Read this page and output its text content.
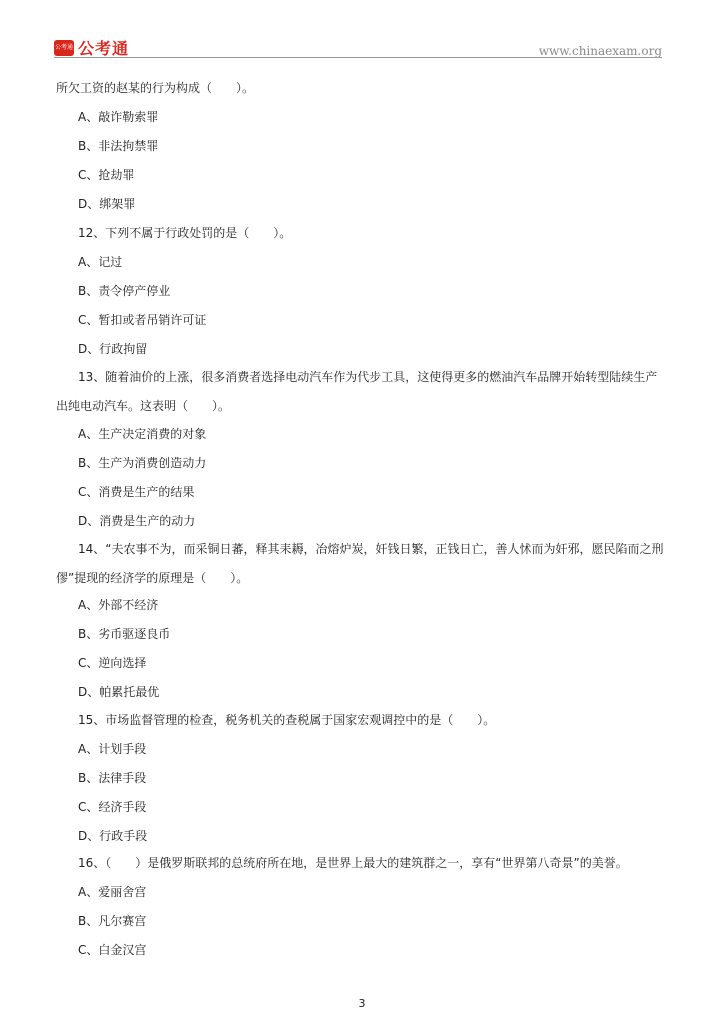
公考通 公考通	www.chinaexam.org
所欠工资的赵某的行为构成（　　）。
A、敲诈勒索罪
B、非法拘禁罪
C、抢劫罪
D、绑架罪
12、下列不属于行政处罚的是（　　）。
A、记过
B、责令停产停业
C、暂扣或者吊销许可证
D、行政拘留
13、随着油价的上涨，很多消费者选择电动汽车作为代步工具，这使得更多的燃油汽车品牌开始转型陆续生产出纯电动汽车。这表明（　　）。
A、生产决定消费的对象
B、生产为消费创造动力
C、消费是生产的结果
D、消费是生产的动力
14、“夫农事不为，而采铜日蕃，释其耒耨，冶熔炉炭，奸钱日繁，正钱日亡，善人怵而为奸邪，愿民陷而之刑僇”提现的经济学的原理是（　　）。
A、外部不经济
B、劣币驱逐良币
C、逆向选择
D、帕累托最优
15、市场监督管理的检查，税务机关的查税属于国家宏观调控中的是（　　）。
A、计划手段
B、法律手段
C、经济手段
D、行政手段
16、（　　）是俄罗斯联邦的总统府所在地，是世界上最大的建筑群之一，享有“世界第八奇景”的美誉。
A、爱丽舍宫
B、凡尔赛宫
C、白金汉宫
3
